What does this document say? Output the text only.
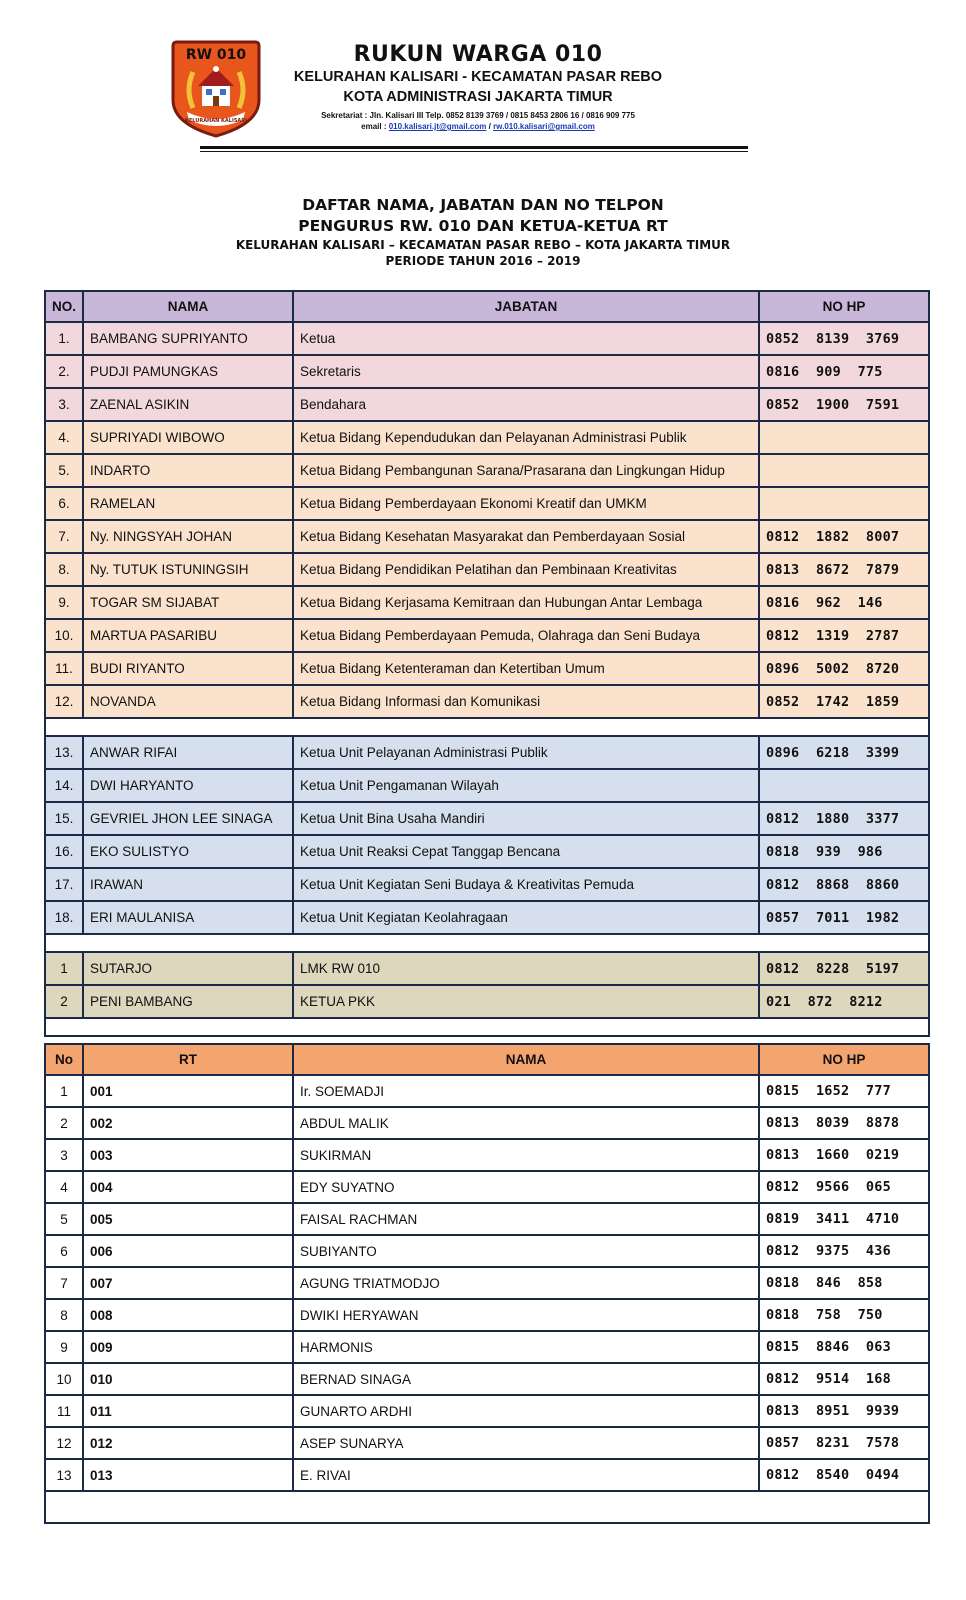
RW 010
KELURAHAN KALISARI
RUKUN WARGA 010
KELURAHAN KALISARI - KECAMATAN PASAR REBO
KOTA ADMINISTRASI JAKARTA TIMUR
Sekretariat : Jln. Kalisari III Telp. 0852 8139 3769 / 0815 8453 2806 16 / 0816 909 775
email : 010.kalisari.jt@gmail.com / rw.010.kalisari@gmail.com
DAFTAR NAMA, JABATAN DAN NO TELPON
PENGURUS RW. 010 DAN KETUA-KETUA RT
KELURAHAN KALISARI – KECAMATAN PASAR REBO – KOTA JAKARTA TIMUR
PERIODE TAHUN 2016 – 2019
NO.	NAMA	JABATAN	NO HP
1.	BAMBANG SUPRIYANTO	Ketua	0852  8139  3769
2.	PUDJI PAMUNGKAS	Sekretaris	0816  909  775
3.	ZAENAL ASIKIN	Bendahara	0852  1900  7591
4.	SUPRIYADI WIBOWO	Ketua Bidang Kependudukan dan Pelayanan Administrasi Publik	
5.	INDARTO	Ketua Bidang Pembangunan Sarana/Prasarana dan Lingkungan Hidup	
6.	RAMELAN	Ketua Bidang Pemberdayaan Ekonomi Kreatif dan UMKM	
7.	Ny. NINGSYAH JOHAN	Ketua Bidang Kesehatan Masyarakat dan Pemberdayaan Sosial	0812  1882  8007
8.	Ny. TUTUK ISTUNINGSIH	Ketua Bidang Pendidikan Pelatihan dan Pembinaan Kreativitas	0813  8672  7879
9.	TOGAR SM SIJABAT	Ketua Bidang Kerjasama Kemitraan dan Hubungan Antar Lembaga	0816  962  146
10.	MARTUA PASARIBU	Ketua Bidang Pemberdayaan Pemuda, Olahraga dan Seni Budaya	0812  1319  2787
11.	BUDI RIYANTO	Ketua Bidang Ketenteraman dan Ketertiban Umum	0896  5002  8720
12.	NOVANDA	Ketua Bidang Informasi dan Komunikasi	0852  1742  1859

13.	ANWAR RIFAI	Ketua Unit Pelayanan Administrasi Publik	0896  6218  3399
14.	DWI HARYANTO	Ketua Unit Pengamanan Wilayah	
15.	GEVRIEL JHON LEE SINAGA	Ketua Unit Bina Usaha Mandiri	0812  1880  3377
16.	EKO SULISTYO	Ketua Unit Reaksi Cepat Tanggap Bencana	0818  939  986
17.	IRAWAN	Ketua Unit Kegiatan Seni Budaya & Kreativitas Pemuda	0812  8868  8860
18.	ERI MAULANISA	Ketua Unit Kegiatan Keolahragaan	0857  7011  1982

1	SUTARJO	LMK RW 010	0812  8228  5197
2	PENI BAMBANG	KETUA PKK	021  872  8212

No	RT	NAMA	NO HP
1	001	Ir. SOEMADJI	0815  1652  777
2	002	ABDUL MALIK	0813  8039  8878
3	003	SUKIRMAN	0813  1660  0219
4	004	EDY SUYATNO	0812  9566  065
5	005	FAISAL RACHMAN	0819  3411  4710
6	006	SUBIYANTO	0812  9375  436
7	007	AGUNG TRIATMODJO	0818  846  858
8	008	DWIKI HERYAWAN	0818  758  750
9	009	HARMONIS	0815  8846  063
10	010	BERNAD SINAGA	0812  9514  168
11	011	GUNARTO ARDHI	0813  8951  9939
12	012	ASEP SUNARYA	0857  8231  7578
13	013	E. RIVAI	0812  8540  0494
